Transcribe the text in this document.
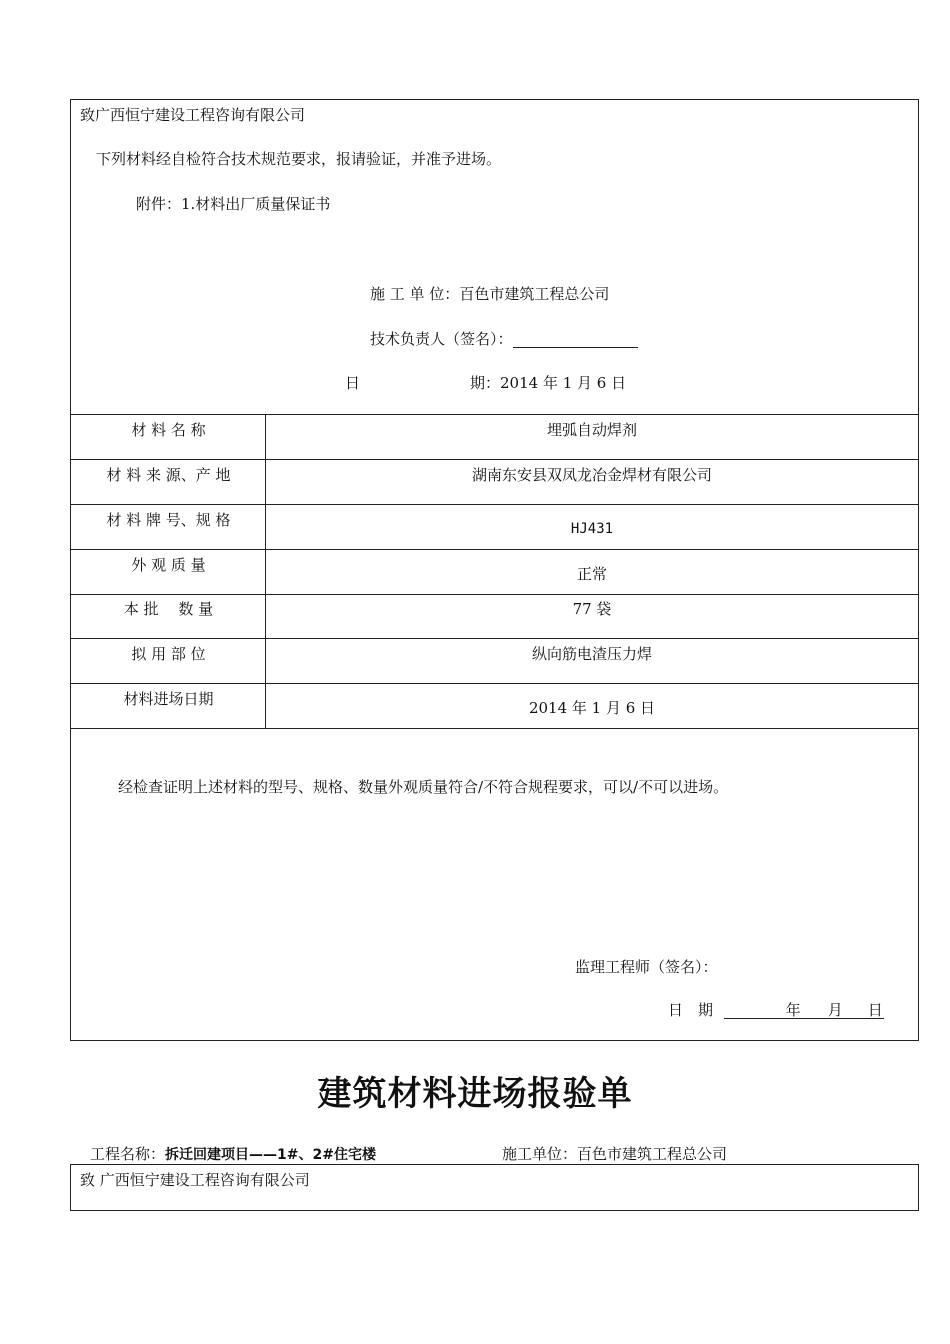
致广西恒宁建设工程咨询有限公司
下列材料经自检符合技术规范要求，报请验证，并准予进场。
附件：1.材料出厂质量保证书
施 工 单 位：百色市建筑工程总公司
技术负责人（签名）：
日	期：2014 年 1 月 6 日
材 料 名 称	埋弧自动焊剂
材 料 来 源、产 地	湖南东安县双凤龙冶金焊材有限公司
材 料 牌 号、规 格	HJ431
外 观 质 量	正常
本 批　 数 量	77 袋
拟 用 部 位	纵向筋电渣压力焊
材料进场日期	2014 年 1 月 6 日
经检查证明上述材料的型号、规格、数量外观质量符合/不符合规程要求，可以/不可以进场。
监理工程师（签名）：
日　期	年 月 日
建筑材料进场报验单
工程名称：拆迁回建项目——1#、2#住宅楼	施工单位：百色市建筑工程总公司
致 广西恒宁建设工程咨询有限公司
